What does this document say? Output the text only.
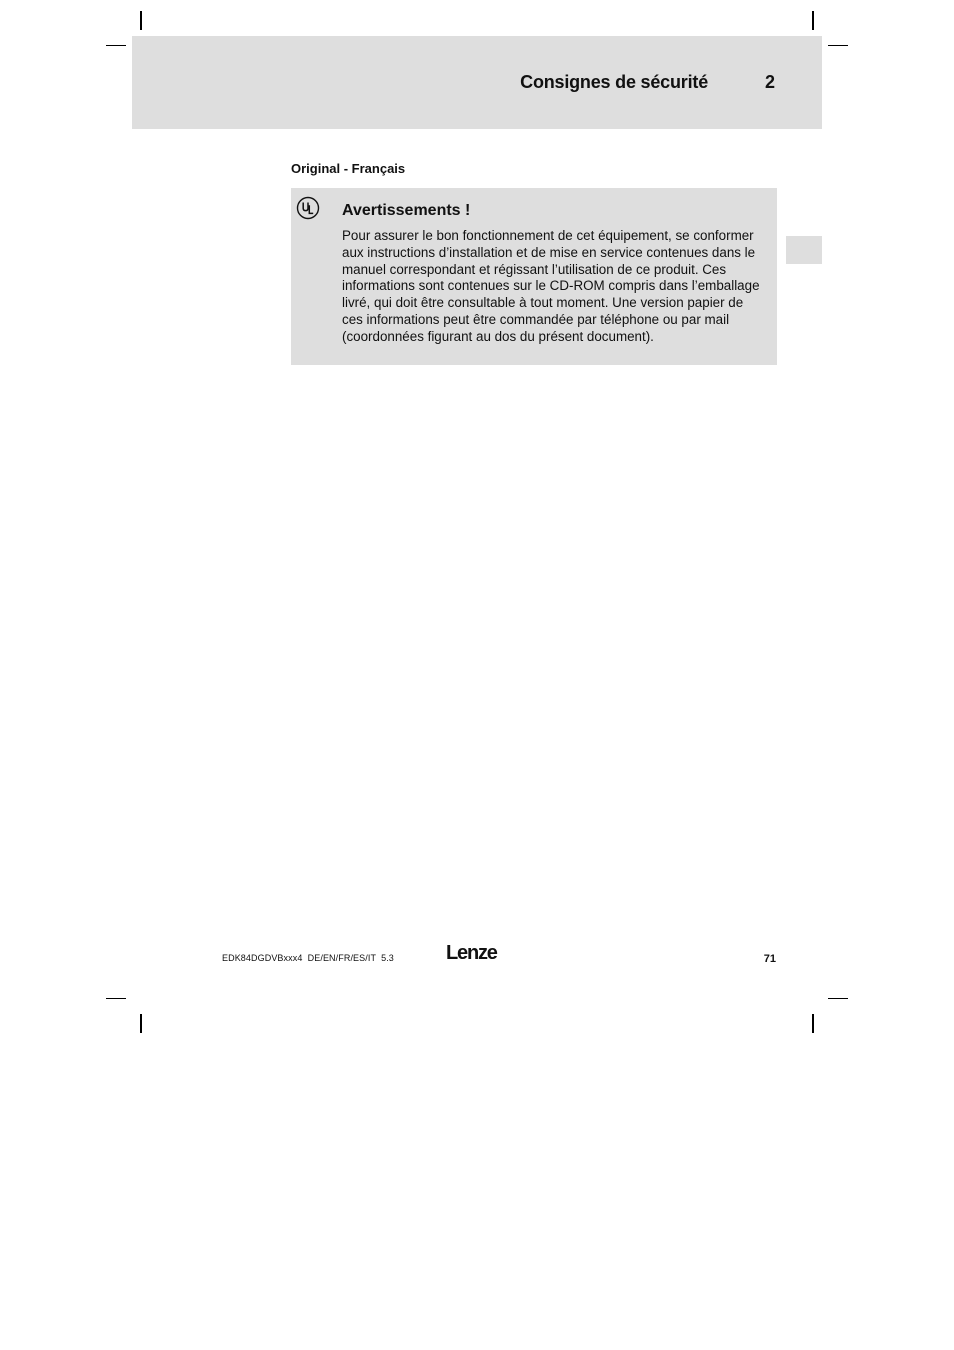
Consignes de sécurité	2
Original - Français
Avertissements !

Pour assurer le bon fonctionnement de cet équipement, se conformer aux instructions d’installation et de mise en service contenues dans le manuel correspondant et régissant l’utilisation de ce produit. Ces informations sont contenues sur le CD-ROM compris dans l’emballage livré, qui doit être consultable à tout moment. Une version papier de ces informations peut être commandée par téléphone ou par mail (coordonnées figurant au dos du présent document).

EDK84DGDVBxxx4 DE/EN/FR/ES/IT 5.3	Lenze	71
